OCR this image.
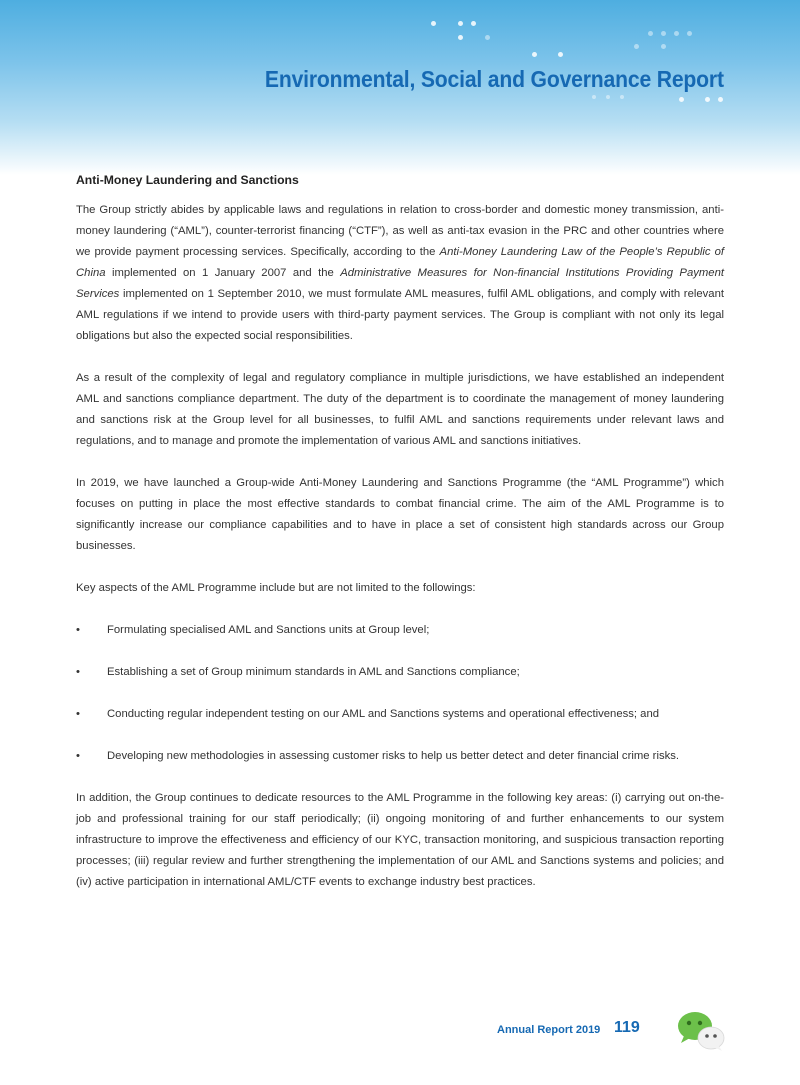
Environmental, Social and Governance Report
Anti-Money Laundering and Sanctions

The Group strictly abides by applicable laws and regulations in relation to cross-border and domestic money transmission, anti-money laundering (“AML”), counter-terrorist financing (“CTF”), as well as anti-tax evasion in the PRC and other countries where we provide payment processing services. Specifically, according to the Anti-Money Laundering Law of the People’s Republic of China implemented on 1 January 2007 and the Administrative Measures for Non-financial Institutions Providing Payment Services implemented on 1 September 2010, we must formulate AML measures, fulfil AML obligations, and comply with relevant AML regulations if we intend to provide users with third-party payment services. The Group is compliant with not only its legal obligations but also the expected social responsibilities.

As a result of the complexity of legal and regulatory compliance in multiple jurisdictions, we have established an independent AML and sanctions compliance department. The duty of the department is to coordinate the management of money laundering and sanctions risk at the Group level for all businesses, to fulfil AML and sanctions requirements under relevant laws and regulations, and to manage and promote the implementation of various AML and sanctions initiatives.

In 2019, we have launched a Group-wide Anti-Money Laundering and Sanctions Programme (the “AML Programme”) which focuses on putting in place the most effective standards to combat financial crime. The aim of the AML Programme is to significantly increase our compliance capabilities and to have in place a set of consistent high standards across our Group businesses.

Key aspects of the AML Programme include but are not limited to the followings:

• Formulating specialised AML and Sanctions units at Group level;
• Establishing a set of Group minimum standards in AML and Sanctions compliance;
• Conducting regular independent testing on our AML and Sanctions systems and operational effectiveness; and
• Developing new methodologies in assessing customer risks to help us better detect and deter financial crime risks.

In addition, the Group continues to dedicate resources to the AML Programme in the following key areas: (i) carrying out on-the-job and professional training for our staff periodically; (ii) ongoing monitoring of and further enhancements to our system infrastructure to improve the effectiveness and efficiency of our KYC, transaction monitoring, and suspicious transaction reporting processes; (iii) regular review and further strengthening the implementation of our AML and Sanctions systems and policies; and (iv) active participation in international AML/CTF events to exchange industry best practices.

Annual Report 2019 119
